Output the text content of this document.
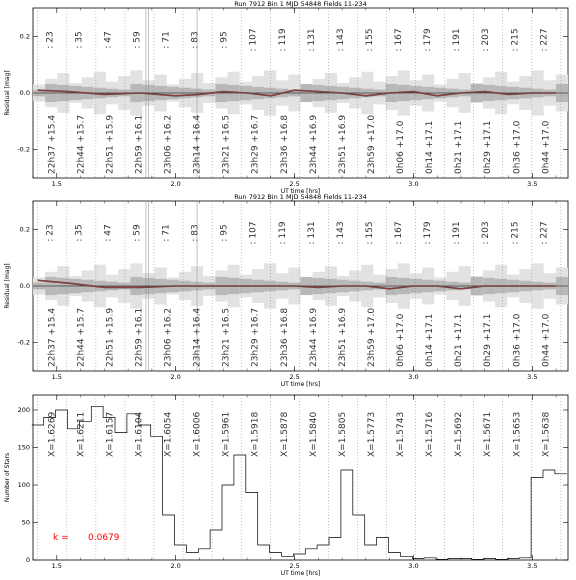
Run 7912 Bin 1 MJD 54848 Fields 11-234
1.5	2.0	2.5	3.0	3.5
UT time [hrs]
-0.2
0.0
0.2
Residual [mag]
: 23 : 35 : 47 : 59 : 71 : 83 : 95 : 107 : 119 : 131 : 143 : 155 : 167 : 179 : 191 : 203 : 215 : 227
22h37 +15.4 22h44 +15.7 22h51 +15.9 22h59 +16.1 23h06 +16.2 23h14 +16.4 23h21 +16.5 23h29 +16.7 23h36 +16.8 23h44 +16.9 23h51 +16.9 23h59 +17.0 0h06 +17.0 0h14 +17.1 0h21 +17.1 0h29 +17.1 0h36 +17.0 0h44 +17.0
Run 7912 Bin 1 MJD 54848 Fields 11-234
1.5	2.0	2.5	3.0	3.5
UT time [hrs]
-0.2
0.0
0.2
Residual [mag]
: 23 : 35 : 47 : 59 : 71 : 83 : 95 : 107 : 119 : 131 : 143 : 155 : 167 : 179 : 191 : 203 : 215 : 227
22h37 +15.4 22h44 +15.7 22h51 +15.9 22h59 +16.1 23h06 +16.2 23h14 +16.4 23h21 +16.5 23h29 +16.7 23h36 +16.8 23h44 +16.9 23h51 +16.9 23h59 +17.0 0h06 +17.0 0h14 +17.1 0h21 +17.1 0h29 +17.1 0h36 +17.0 0h44 +17.0
1.5	2.0	2.5	3.0	3.5
UT time [hrs]
0
50
100
150
200
Number of Stars
X=1.6269 X=1.6211 X=1.6157 X=1.6104 X=1.6054 X=1.6006 X=1.5961 X=1.5918 X=1.5878 X=1.5840 X=1.5805 X=1.5773 X=1.5743 X=1.5716 X=1.5692 X=1.5671 X=1.5653 X=1.5638
k = 0.0679
